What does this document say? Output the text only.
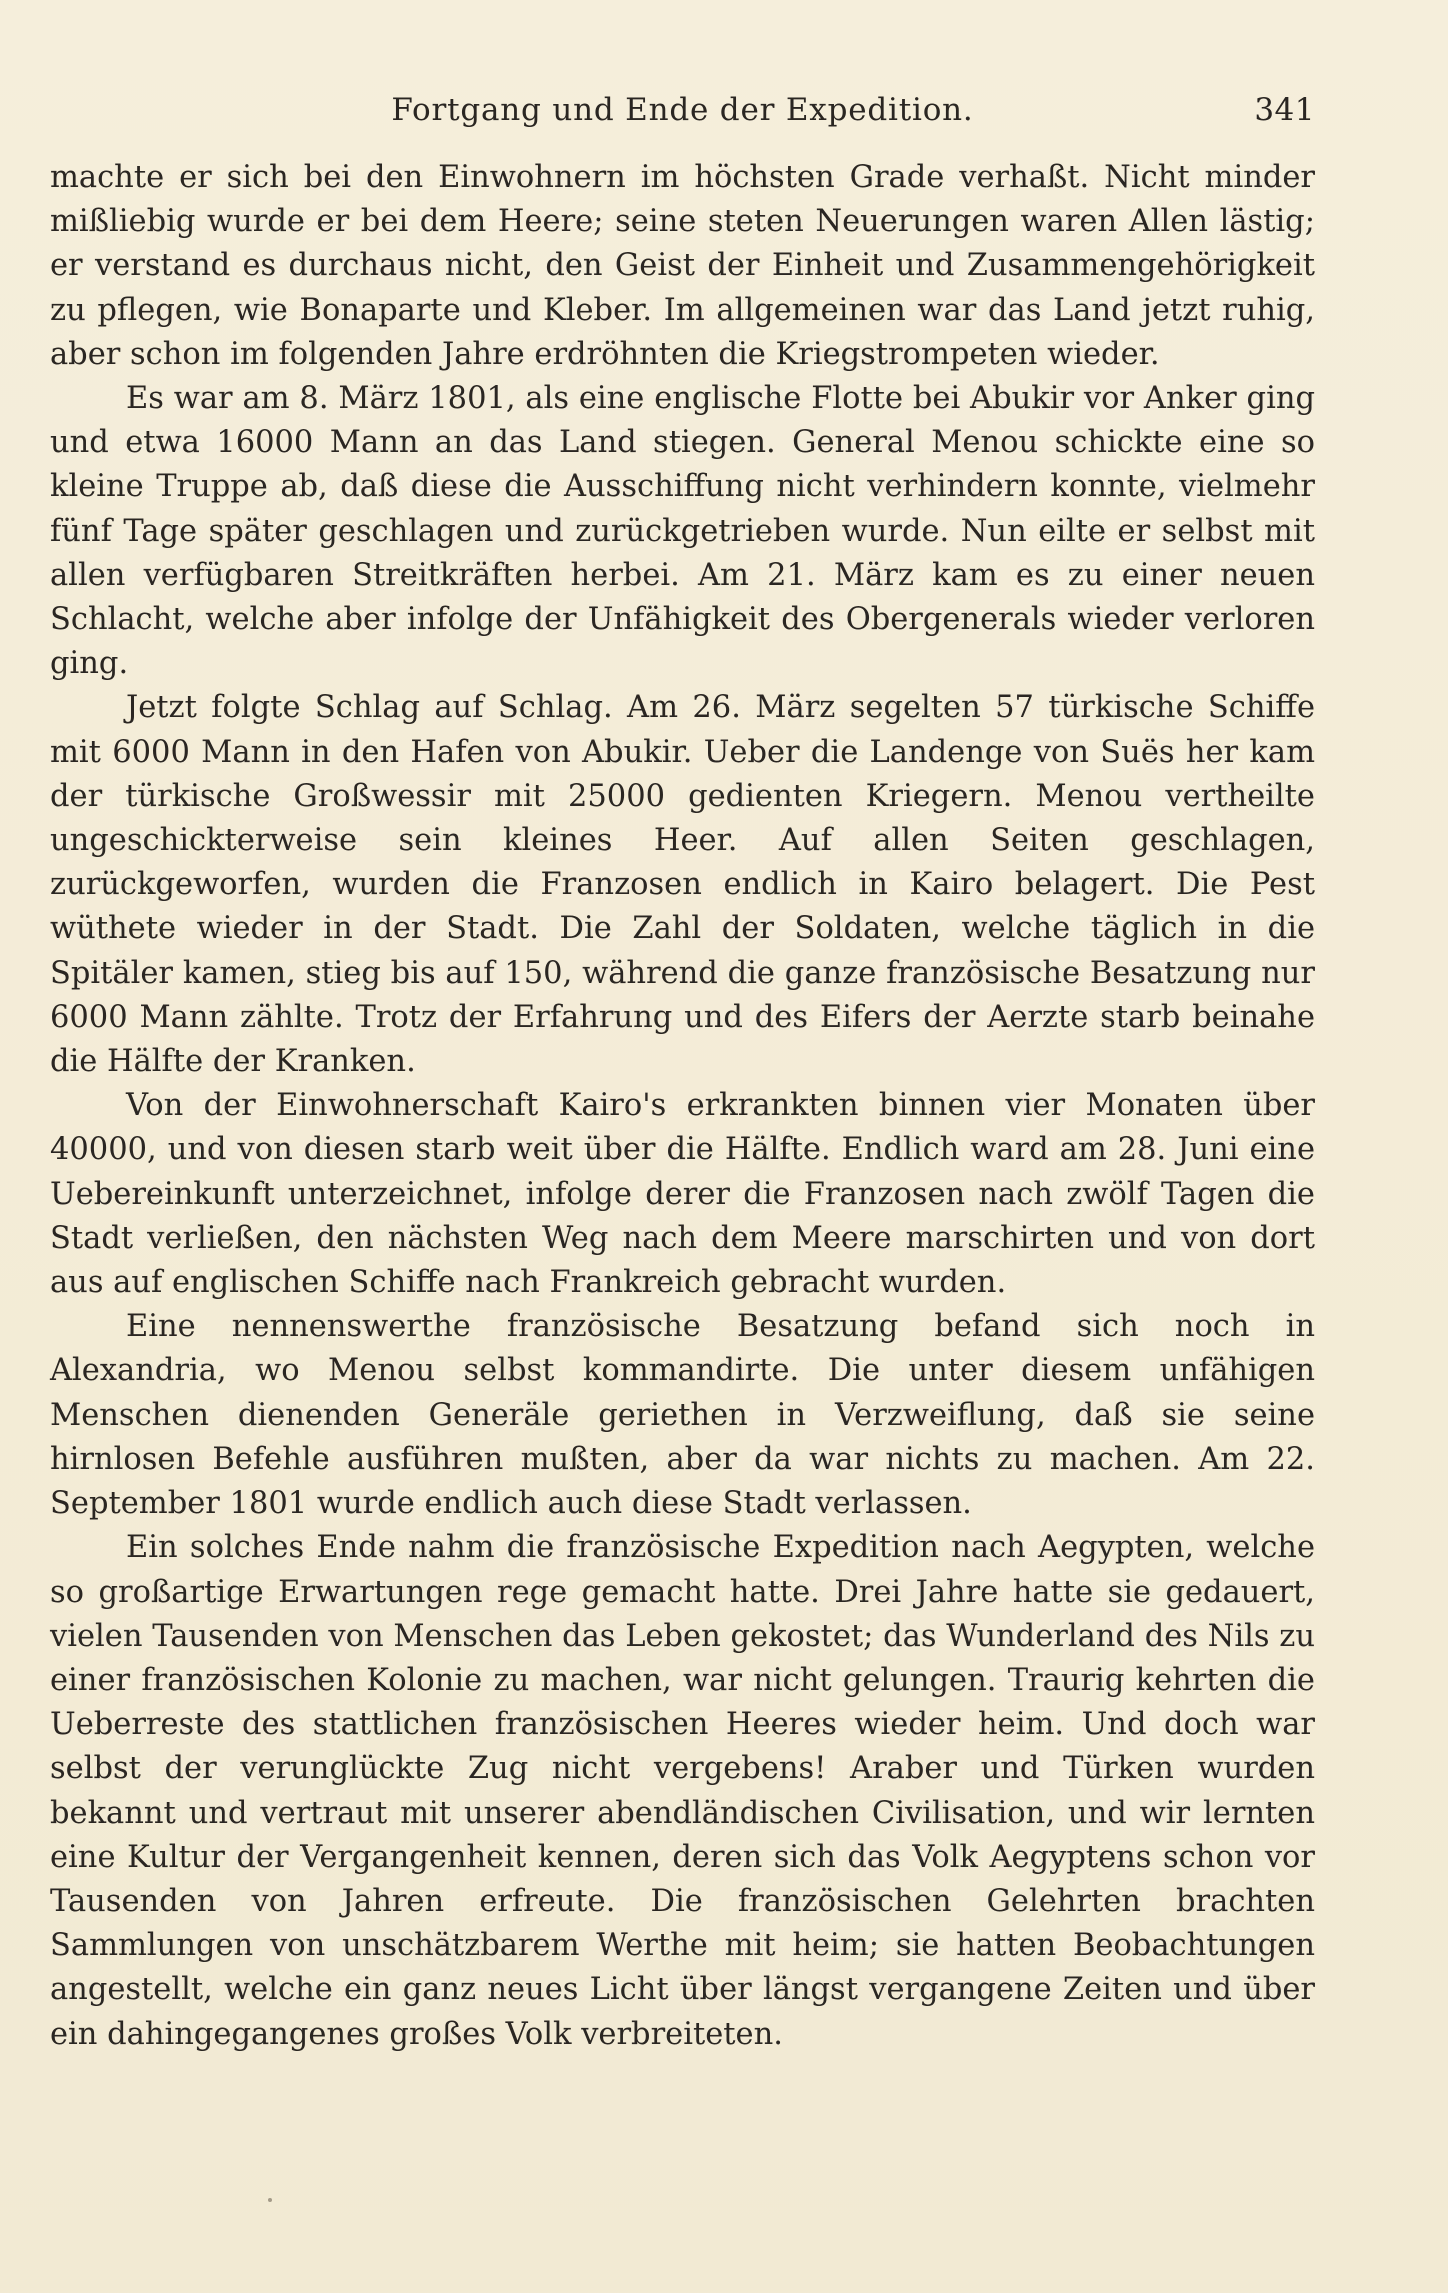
Fortgang und Ende der Expedition.	341

machte er sich bei den Einwohnern im höchsten Grade verhaßt. Nicht minder mißliebig wurde er bei dem Heere; seine steten Neuerungen waren Allen lästig; er verstand es durchaus nicht, den Geist der Einheit und Zusammengehörigkeit zu pflegen, wie Bonaparte und Kleber. Im allgemeinen war das Land jetzt ruhig, aber schon im folgenden Jahre erdröhnten die Kriegstrompeten wieder.

Es war am 8. März 1801, als eine englische Flotte bei Abukir vor Anker ging und etwa 16000 Mann an das Land stiegen. General Menou schickte eine so kleine Truppe ab, daß diese die Ausschiffung nicht verhindern konnte, vielmehr fünf Tage später geschlagen und zurückgetrieben wurde. Nun eilte er selbst mit allen verfügbaren Streitkräften herbei. Am 21. März kam es zu einer neuen Schlacht, welche aber infolge der Unfähigkeit des Obergenerals wieder verloren ging.

Jetzt folgte Schlag auf Schlag. Am 26. März segelten 57 türkische Schiffe mit 6000 Mann in den Hafen von Abukir. Ueber die Landenge von Suës her kam der türkische Großwessir mit 25000 gedienten Kriegern. Menou vertheilte ungeschickterweise sein kleines Heer. Auf allen Seiten geschlagen, zurückgeworfen, wurden die Franzosen endlich in Kairo belagert. Die Pest wüthete wieder in der Stadt. Die Zahl der Soldaten, welche täglich in die Spitäler kamen, stieg bis auf 150, während die ganze französische Besatzung nur 6000 Mann zählte. Trotz der Erfahrung und des Eifers der Aerzte starb beinahe die Hälfte der Kranken.

Von der Einwohnerschaft Kairo's erkrankten binnen vier Monaten über 40000, und von diesen starb weit über die Hälfte. Endlich ward am 28. Juni eine Uebereinkunft unterzeichnet, infolge derer die Franzosen nach zwölf Tagen die Stadt verließen, den nächsten Weg nach dem Meere marschirten und von dort aus auf englischen Schiffe nach Frankreich gebracht wurden.

Eine nennenswerthe französische Besatzung befand sich noch in Alexandria, wo Menou selbst kommandirte. Die unter diesem unfähigen Menschen dienenden Generäle geriethen in Verzweiflung, daß sie seine hirnlosen Befehle ausführen mußten, aber da war nichts zu machen. Am 22. September 1801 wurde endlich auch diese Stadt verlassen.

Ein solches Ende nahm die französische Expedition nach Aegypten, welche so großartige Erwartungen rege gemacht hatte. Drei Jahre hatte sie gedauert, vielen Tausenden von Menschen das Leben gekostet; das Wunderland des Nils zu einer französischen Kolonie zu machen, war nicht gelungen. Traurig kehrten die Ueberreste des stattlichen französischen Heeres wieder heim. Und doch war selbst der verunglückte Zug nicht vergebens! Araber und Türken wurden bekannt und vertraut mit unserer abendländischen Civilisation, und wir lernten eine Kultur der Vergangenheit kennen, deren sich das Volk Aegyptens schon vor Tausenden von Jahren erfreute. Die französischen Gelehrten brachten Sammlungen von unschätzbarem Werthe mit heim; sie hatten Beobachtungen angestellt, welche ein ganz neues Licht über längst vergangene Zeiten und über ein dahingegangenes großes Volk verbreiteten.
